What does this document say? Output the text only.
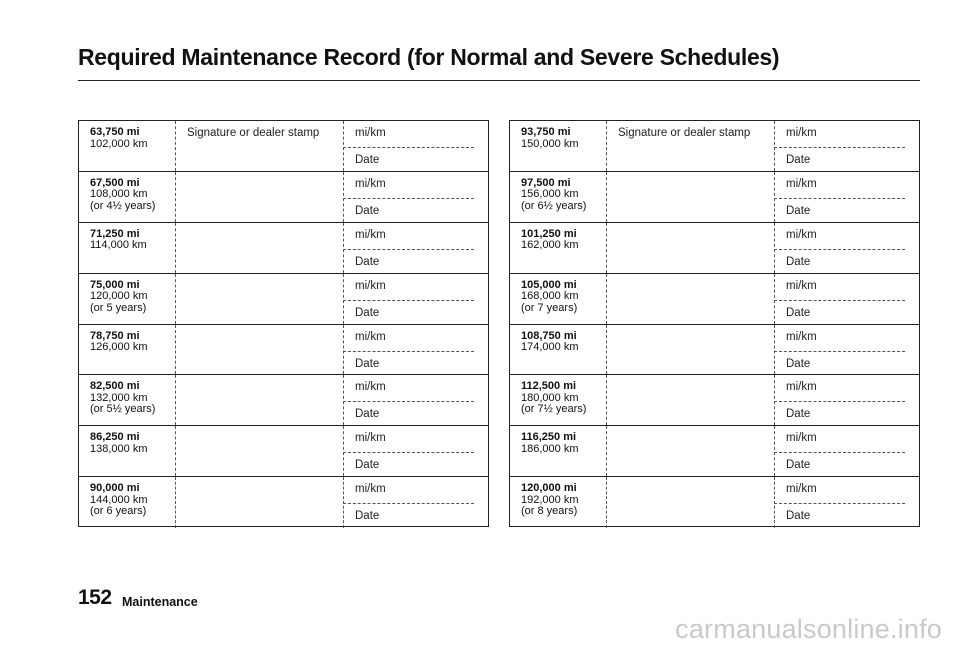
Required Maintenance Record (for Normal and Severe Schedules)
63,750 mi
102,000 km
Signature or dealer stamp	mi/km
Date
67,500 mi
108,000 km
(or 4½ years)
mi/km
Date
71,250 mi
114,000 km
mi/km
Date
75,000 mi
120,000 km
(or 5 years)
mi/km
Date
78,750 mi
126,000 km
mi/km
Date
82,500 mi
132,000 km
(or 5½ years)
mi/km
Date
86,250 mi
138,000 km
mi/km
Date
90,000 mi
144,000 km
(or 6 years)
mi/km
Date
93,750 mi
150,000 km
Signature or dealer stamp	mi/km
Date
97,500 mi
156,000 km
(or 6½ years)
mi/km
Date
101,250 mi
162,000 km
mi/km
Date
105,000 mi
168,000 km
(or 7 years)
mi/km
Date
108,750 mi
174,000 km
mi/km
Date
112,500 mi
180,000 km
(or 7½ years)
mi/km
Date
116,250 mi
186,000 km
mi/km
Date
120,000 mi
192,000 km
(or 8 years)
mi/km
Date
152 Maintenance
carmanualsonline.info
